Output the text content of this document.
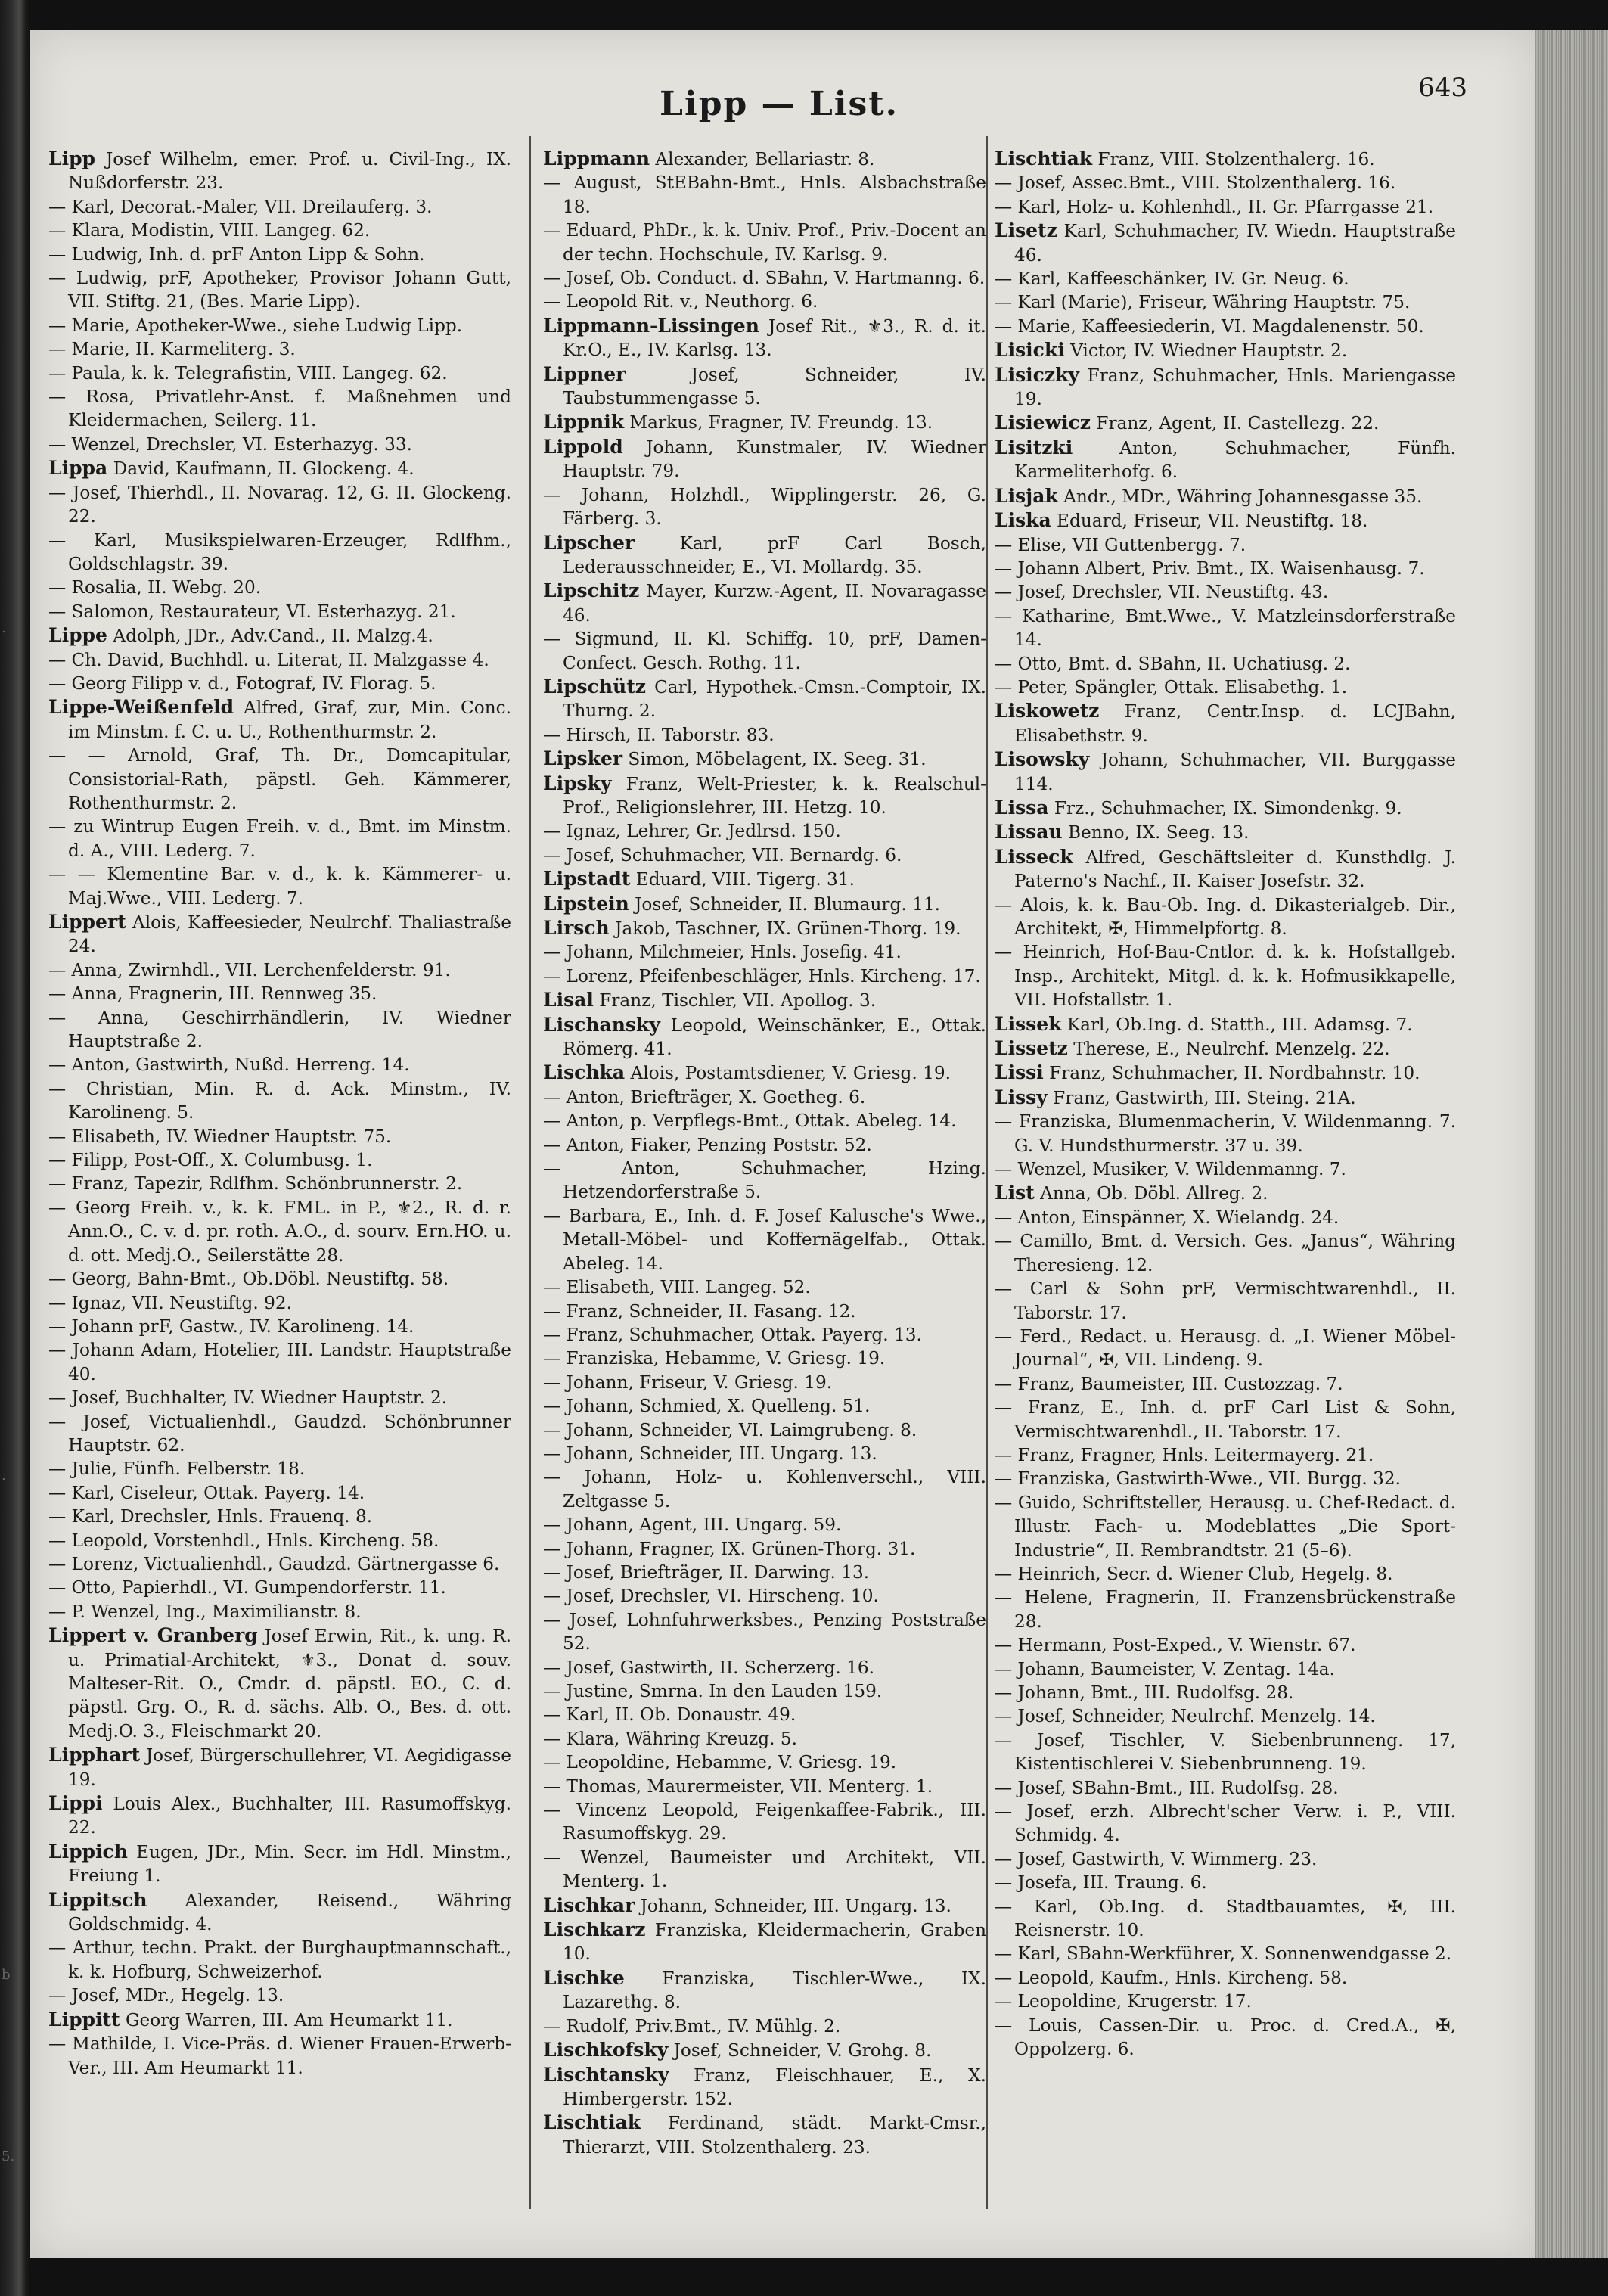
.
.
b
5.
Lipp — List.	643
Lipp Josef Wilhelm, emer. Prof. u. Civil-Ing., IX. Nußdorferstr. 23.
— Karl, Decorat.-Maler, VII. Dreilauferg. 3.
— Klara, Modistin, VIII. Langeg. 62.
— Ludwig, Inh. d. prF Anton Lipp & Sohn.
— Ludwig, prF, Apotheker, Provisor Johann Gutt, VII. Stiftg. 21, (Bes. Marie Lipp).
— Marie, Apotheker-Wwe., siehe Ludwig Lipp.
— Marie, II. Karmeliterg. 3.
— Paula, k. k. Telegrafistin, VIII. Langeg. 62.
— Rosa, Privatlehr-Anst. f. Maßnehmen und Kleidermachen, Seilerg. 11.
— Wenzel, Drechsler, VI. Esterhazyg. 33.
Lippa David, Kaufmann, II. Glockeng. 4.
— Josef, Thierhdl., II. Novarag. 12, G. II. Glockeng. 22.
— Karl, Musikspielwaren-Erzeuger, Rdlfhm., Goldschlagstr. 39.
— Rosalia, II. Webg. 20.
— Salomon, Restaurateur, VI. Esterhazyg. 21.
Lippe Adolph, JDr., Adv.Cand., II. Malzg.4.
— Ch. David, Buchhdl. u. Literat, II. Malzgasse 4.
— Georg Filipp v. d., Fotograf, IV. Florag. 5.
Lippe-Weißenfeld Alfred, Graf, zur, Min. Conc. im Minstm. f. C. u. U., Rothenthurmstr. 2.
— — Arnold, Graf, Th. Dr., Domcapitular, Consistorial-Rath, päpstl. Geh. Kämmerer, Rothenthurmstr. 2.
— zu Wintrup Eugen Freih. v. d., Bmt. im Minstm. d. A., VIII. Lederg. 7.
— — Klementine Bar. v. d., k. k. Kämmerer- u. Maj.Wwe., VIII. Lederg. 7.
Lippert Alois, Kaffeesieder, Neulrchf. Thaliastraße 24.
— Anna, Zwirnhdl., VII. Lerchenfelderstr. 91.
— Anna, Fragnerin, III. Rennweg 35.
— Anna, Geschirrhändlerin, IV. Wiedner Hauptstraße 2.
— Anton, Gastwirth, Nußd. Herreng. 14.
— Christian, Min. R. d. Ack. Minstm., IV. Karolineng. 5.
— Elisabeth, IV. Wiedner Hauptstr. 75.
— Filipp, Post-Off., X. Columbusg. 1.
— Franz, Tapezir, Rdlfhm. Schönbrunnerstr. 2.
— Georg Freih. v., k. k. FML. in P., ⚜2., R. d. r. Ann.O., C. v. d. pr. roth. A.O., d. sourv. Ern.HO. u. d. ott. Medj.O., Seilerstätte 28.
— Georg, Bahn-Bmt., Ob.Döbl. Neustiftg. 58.
— Ignaz, VII. Neustiftg. 92.
— Johann prF, Gastw., IV. Karolineng. 14.
— Johann Adam, Hotelier, III. Landstr. Hauptstraße 40.
— Josef, Buchhalter, IV. Wiedner Hauptstr. 2.
— Josef, Victualienhdl., Gaudzd. Schönbrunner Hauptstr. 62.
— Julie, Fünfh. Felberstr. 18.
— Karl, Ciseleur, Ottak. Payerg. 14.
— Karl, Drechsler, Hnls. Frauenq. 8.
— Leopold, Vorstenhdl., Hnls. Kircheng. 58.
— Lorenz, Victualienhdl., Gaudzd. Gärtnergasse 6.
— Otto, Papierhdl., VI. Gumpendorferstr. 11.
— P. Wenzel, Ing., Maximilianstr. 8.
Lippert v. Granberg Josef Erwin, Rit., k. ung. R. u. Primatial-Architekt, ⚜3., Donat d. souv. Malteser-Rit. O., Cmdr. d. päpstl. EO., C. d. päpstl. Grg. O., R. d. sächs. Alb. O., Bes. d. ott. Medj.O. 3., Fleischmarkt 20.
Lipphart Josef, Bürgerschullehrer, VI. Aegidigasse 19.
Lippi Louis Alex., Buchhalter, III. Rasumoffskyg. 22.
Lippich Eugen, JDr., Min. Secr. im Hdl. Minstm., Freiung 1.
Lippitsch Alexander, Reisend., Währing Goldschmidg. 4.
— Arthur, techn. Prakt. der Burghauptmannschaft., k. k. Hofburg, Schweizerhof.
— Josef, MDr., Hegelg. 13.
Lippitt Georg Warren, III. Am Heumarkt 11.
— Mathilde, I. Vice-Präs. d. Wiener Frauen-Erwerb-Ver., III. Am Heumarkt 11.
Lippmann Alexander, Bellariastr. 8.
— August, StEBahn-Bmt., Hnls. Alsbachstraße 18.
— Eduard, PhDr., k. k. Univ. Prof., Priv.-Docent an der techn. Hochschule, IV. Karlsg. 9.
— Josef, Ob. Conduct. d. SBahn, V. Hartmanng. 6.
— Leopold Rit. v., Neuthorg. 6.
Lippmann-Lissingen Josef Rit., ⚜3., R. d. it. Kr.O., E., IV. Karlsg. 13.
Lippner	Josef, Schneider, IV. Taubstummengasse 5.
Lippnik Markus, Fragner, IV. Freundg. 13.
Lippold Johann, Kunstmaler, IV. Wiedner Hauptstr. 79.
— Johann, Holzhdl., Wipplingerstr. 26, G. Färberg. 3.
Lipscher	Karl, prF Carl Bosch, Lederausschneider, E., VI. Mollardg. 35.
Lipschitz Mayer, Kurzw.-Agent, II. Novaragasse 46.
— Sigmund, II. Kl. Schiffg. 10, prF, Damen-Confect. Gesch. Rothg. 11.
Lipschütz Carl, Hypothek.-Cmsn.-Comptoir, IX. Thurng. 2.
— Hirsch, II. Taborstr. 83.
Lipsker Simon, Möbelagent, IX. Seeg. 31.
Lipsky Franz, Welt-Priester, k. k. Realschul-Prof., Religionslehrer, III. Hetzg. 10.
— Ignaz, Lehrer, Gr. Jedlrsd. 150.
— Josef, Schuhmacher, VII. Bernardg. 6.
Lipstadt Eduard, VIII. Tigerg. 31.
Lipstein Josef, Schneider, II. Blumaurg. 11.
Lirsch Jakob, Taschner, IX. Grünen-Thorg. 19.
— Johann, Milchmeier, Hnls. Josefig. 41.
— Lorenz, Pfeifenbeschläger, Hnls. Kircheng. 17.
Lisal Franz, Tischler, VII. Apollog. 3.
Lischansky Leopold, Weinschänker, E., Ottak. Römerg. 41.
Lischka Alois, Postamtsdiener, V. Griesg. 19.
— Anton, Briefträger, X. Goetheg. 6.
— Anton, p. Verpflegs-Bmt., Ottak. Abeleg. 14.
— Anton, Fiaker, Penzing Poststr. 52.
— Anton, Schuhmacher, Hzing. Hetzendorferstraße 5.
— Barbara, E., Inh. d. F. Josef Kalusche's Wwe., Metall-Möbel- und Koffernägelfab., Ottak. Abeleg. 14.
— Elisabeth, VIII. Langeg. 52.
— Franz, Schneider, II. Fasang. 12.
— Franz, Schuhmacher, Ottak. Payerg. 13.
— Franziska, Hebamme, V. Griesg. 19.
— Johann, Friseur, V. Griesg. 19.
— Johann, Schmied, X. Quelleng. 51.
— Johann, Schneider, VI. Laimgrubeng. 8.
— Johann, Schneider, III. Ungarg. 13.
— Johann, Holz- u. Kohlenverschl., VIII. Zeltgasse 5.
— Johann, Agent, III. Ungarg. 59.
— Johann, Fragner, IX. Grünen-Thorg. 31.
— Josef, Briefträger, II. Darwing. 13.
— Josef, Drechsler, VI. Hirscheng. 10.
— Josef, Lohnfuhrwerksbes., Penzing Poststraße 52.
— Josef, Gastwirth, II. Scherzerg. 16.
— Justine, Smrna. In den Lauden 159.
— Karl, II. Ob. Donaustr. 49.
— Klara, Währing Kreuzg. 5.
— Leopoldine, Hebamme, V. Griesg. 19.
— Thomas, Maurermeister, VII. Menterg. 1.
— Vincenz Leopold, Feigenkaffee-Fabrik., III. Rasumoffskyg. 29.
— Wenzel, Baumeister und Architekt, VII. Menterg. 1.
Lischkar Johann, Schneider, III. Ungarg. 13.
Lischkarz Franziska, Kleidermacherin, Graben 10.
Lischke Franziska, Tischler-Wwe., IX. Lazarethg. 8.
— Rudolf, Priv.Bmt., IV. Mühlg. 2.
Lischkofsky Josef, Schneider, V. Grohg. 8.
Lischtansky Franz, Fleischhauer, E., X. Himbergerstr. 152.
Lischtiak Ferdinand, städt. Markt-Cmsr., Thierarzt, VIII. Stolzenthalerg. 23.
Lischtiak Franz, VIII. Stolzenthalerg. 16.
— Josef, Assec.Bmt., VIII. Stolzenthalerg. 16.
— Karl, Holz- u. Kohlenhdl., II. Gr. Pfarrgasse 21.
Lisetz Karl, Schuhmacher, IV. Wiedn. Hauptstraße 46.
— Karl, Kaffeeschänker, IV. Gr. Neug. 6.
— Karl (Marie), Friseur, Währing Hauptstr. 75.
— Marie, Kaffeesiederin, VI. Magdalenenstr. 50.
Lisicki Victor, IV. Wiedner Hauptstr. 2.
Lisiczky Franz, Schuhmacher, Hnls. Mariengasse 19.
Lisiewicz Franz, Agent, II. Castellezg. 22.
Lisitzki	Anton, Schuhmacher, Fünfh. Karmeliterhofg. 6.
Lisjak Andr., MDr., Währing Johannesgasse 35.
Liska Eduard, Friseur, VII. Neustiftg. 18.
— Elise, VII Guttenbergg. 7.
— Johann Albert, Priv. Bmt., IX. Waisenhausg. 7.
— Josef, Drechsler, VII. Neustiftg. 43.
— Katharine, Bmt.Wwe., V. Matzleinsdorferstraße 14.
— Otto, Bmt. d. SBahn, II. Uchatiusg. 2.
— Peter, Spängler, Ottak. Elisabethg. 1.
Liskowetz Franz, Centr.Insp. d. LCJBahn, Elisabethstr. 9.
Lisowsky Johann, Schuhmacher, VII. Burggasse 114.
Lissa Frz., Schuhmacher, IX. Simondenkg. 9.
Lissau Benno, IX. Seeg. 13.
Lisseck Alfred, Geschäftsleiter d. Kunsthdlg. J. Paterno's Nachf., II. Kaiser Josefstr. 32.
— Alois, k. k. Bau-Ob. Ing. d. Dikasterialgeb. Dir., Architekt, ✠, Himmelpfortg. 8.
— Heinrich, Hof-Bau-Cntlor. d. k. k. Hofstallgeb. Insp., Architekt, Mitgl. d. k. k. Hofmusikkapelle, VII. Hofstallstr. 1.
Lissek Karl, Ob.Ing. d. Statth., III. Adamsg. 7.
Lissetz Therese, E., Neulrchf. Menzelg. 22.
Lissi Franz, Schuhmacher, II. Nordbahnstr. 10.
Lissy Franz, Gastwirth, III. Steing. 21A.
— Franziska, Blumenmacherin, V. Wildenmanng. 7. G. V. Hundsthurmerstr. 37 u. 39.
— Wenzel, Musiker, V. Wildenmanng. 7.
List Anna, Ob. Döbl. Allreg. 2.
— Anton, Einspänner, X. Wielandg. 24.
— Camillo, Bmt. d. Versich. Ges. „Janus“, Währing Theresieng. 12.
— Carl & Sohn prF, Vermischtwarenhdl., II. Taborstr. 17.
— Ferd., Redact. u. Herausg. d. „I. Wiener Möbel-Journal“, ✠, VII. Lindeng. 9.
— Franz, Baumeister, III. Custozzag. 7.
— Franz, E., Inh. d. prF Carl List & Sohn, Vermischtwarenhdl., II. Taborstr. 17.
— Franz, Fragner, Hnls. Leitermayerg. 21.
— Franziska, Gastwirth-Wwe., VII. Burgg. 32.
— Guido, Schriftsteller, Herausg. u. Chef-Redact. d. Illustr. Fach- u. Modeblattes „Die Sport-Industrie“, II. Rembrandtstr. 21 (5–6).
— Heinrich, Secr. d. Wiener Club, Hegelg. 8.
— Helene, Fragnerin, II. Franzensbrückenstraße 28.
— Hermann, Post-Exped., V. Wienstr. 67.
— Johann, Baumeister, V. Zentag. 14a.
— Johann, Bmt., III. Rudolfsg. 28.
— Josef, Schneider, Neulrchf. Menzelg. 14.
— Josef, Tischler, V. Siebenbrunneng. 17, Kistentischlerei V. Siebenbrunneng. 19.
— Josef, SBahn-Bmt., III. Rudolfsg. 28.
— Josef, erzh. Albrecht'scher Verw. i. P., VIII. Schmidg. 4.
— Josef, Gastwirth, V. Wimmerg. 23.
— Josefa, III. Traung. 6.
— Karl, Ob.Ing. d. Stadtbauamtes, ✠, III. Reisnerstr. 10.
— Karl, SBahn-Werkführer, X. Sonnenwendgasse 2.
— Leopold, Kaufm., Hnls. Kircheng. 58.
— Leopoldine, Krugerstr. 17.
— Louis, Cassen-Dir. u. Proc. d. Cred.A., ✠, Oppolzerg. 6.
